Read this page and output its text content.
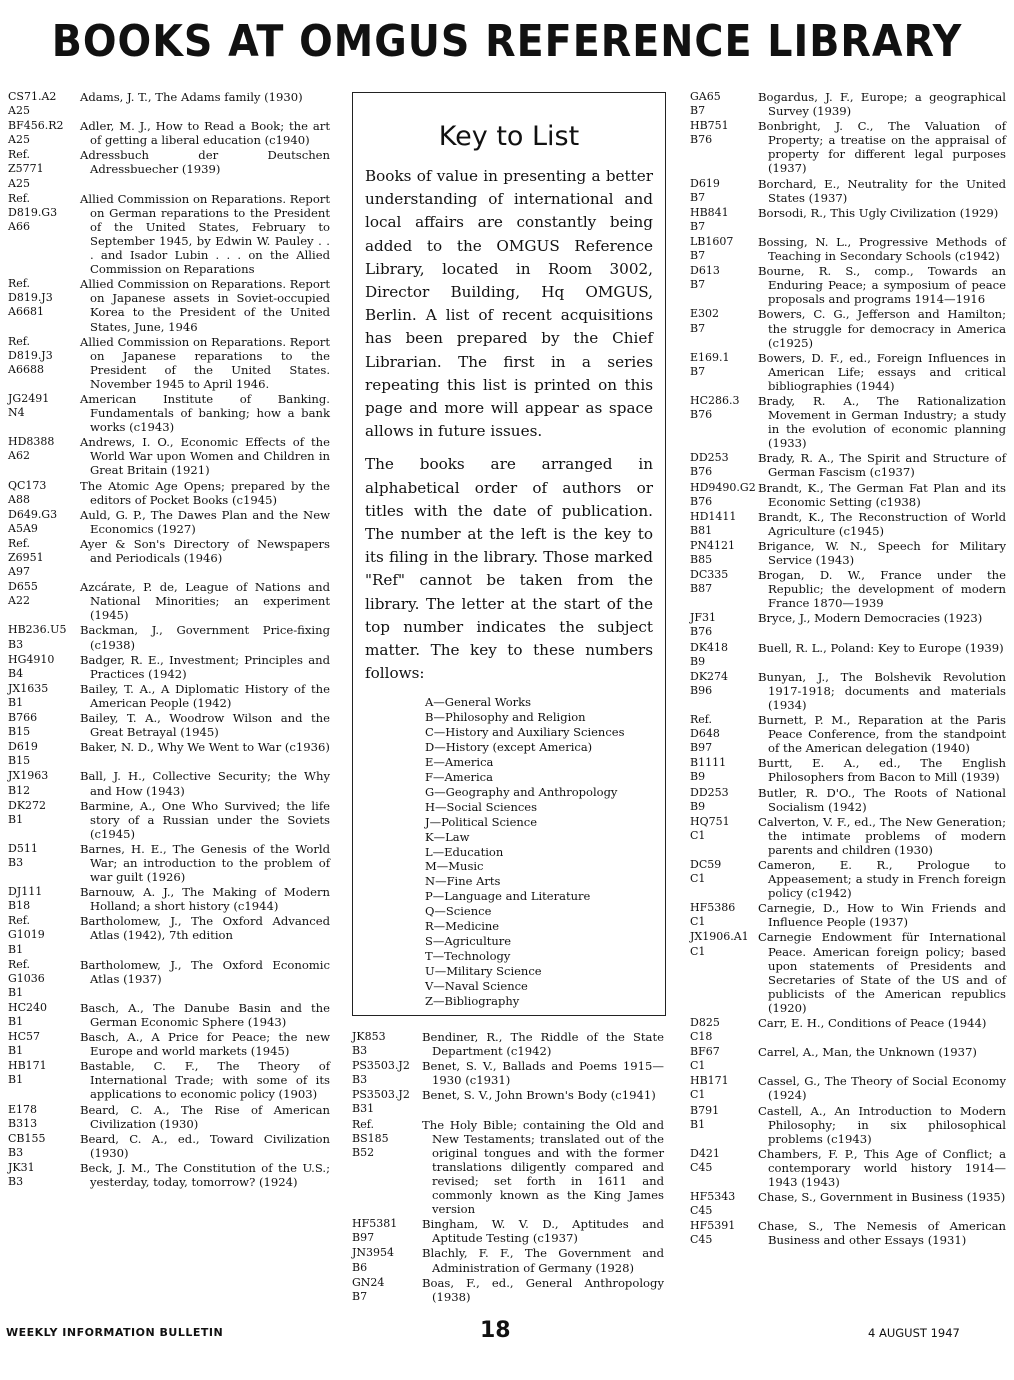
BOOKS AT OMGUS REFERENCE LIBRARY
CS71.A2
A25
Adams, J. T., The Adams family (1930)
BF456.R2
A25
Adler, M. J., How to Read a Book; the art of getting a liberal education (c1940)
Ref.
Z5771
A25
Adressbuch der Deutschen Adressbuecher (1939)
Ref.
D819.G3
A66
Allied Commission on Reparations. Report on German reparations to the President of the United States, February to September 1945, by Edwin W. Pauley . . . and Isador Lubin . . . on the Allied Commission on Reparations
Ref.
D819.J3
A6681
Allied Commission on Reparations. Report on Japanese assets in Soviet-occupied Korea to the President of the United States, June, 1946
Ref.
D819.J3
A6688
Allied Commission on Reparations. Report on Japanese reparations to the President of the United States. November 1945 to April 1946.
JG2491
N4
American Institute of Banking. Fundamentals of banking; how a bank works (c1943)
HD8388
A62
Andrews, I. O., Economic Effects of the World War upon Women and Children in Great Britain (1921)
QC173
A88
The Atomic Age Opens; prepared by the editors of Pocket Books (c1945)
D649.G3
A5A9
Auld, G. P., The Dawes Plan and the New Economics (1927)
Ref.
Z6951
A97
Ayer & Son's Directory of Newspapers and Periodicals (1946)
D655
A22
Azcárate, P. de, League of Nations and National Minorities; an experiment (1945)
HB236.U5
B3
Backman, J., Government Price-fixing (c1938)
HG4910
B4
Badger, R. E., Investment; Principles and Practices (1942)
JX1635
B1
Bailey, T. A., A Diplomatic History of the American People (1942)
B766
B15
Bailey, T. A., Woodrow Wilson and the Great Betrayal (1945)
D619
B15
Baker, N. D., Why We Went to War (c1936)
JX1963
B12
Ball, J. H., Collective Security; the Why and How (1943)
DK272
B1
Barmine, A., One Who Survived; the life story of a Russian under the Soviets (c1945)
D511
B3
Barnes, H. E., The Genesis of the World War; an introduction to the problem of war guilt (1926)
DJ111
B18
Barnouw, A. J., The Making of Modern Holland; a short history (c1944)
Ref.
G1019
B1
Bartholomew, J., The Oxford Advanced Atlas (1942), 7th edition
Ref.
G1036
B1
Bartholomew, J., The Oxford Economic Atlas (1937)
HC240
B1
Basch, A., The Danube Basin and the German Economic Sphere (1943)
HC57
B1
Basch, A., A Price for Peace; the new Europe and world markets (1945)
HB171
B1
Bastable, C. F., The Theory of International Trade; with some of its applications to economic policy (1903)
E178
B313
Beard, C. A., The Rise of American Civilization (1930)
CB155
B3
Beard, C. A., ed., Toward Civilization (1930)
JK31
B3
Beck, J. M., The Constitution of the U.S.; yesterday, today, tomorrow? (1924)
Key to List

Books of value in presenting a better understanding of international and local affairs are constantly being added to the OMGUS Reference Library, located in Room 3002, Director Building, Hq OMGUS, Berlin. A list of recent acquisitions has been prepared by the Chief Librarian. The first in a series repeating this list is printed on this page and more will appear as space allows in future issues.

The books are arranged in alphabetical order of authors or titles with the date of publication. The number at the left is the key to its filing in the library. Those marked "Ref" cannot be taken from the library. The letter at the start of the top number indicates the subject matter. The key to these numbers follows:

A—General Works
B—Philosophy and Religion
C—History and Auxiliary Sciences
D—History (except America)
E—America
F—America
G—Geography and Anthropology
H—Social Sciences
J—Political Science
K—Law
L—Education
M—Music
N—Fine Arts
P—Language and Literature
Q—Science
R—Medicine
S—Agriculture
T—Technology
U—Military Science
V—Naval Science
Z—Bibliography
JK853
B3
Bendiner, R., The Riddle of the State Department (c1942)
PS3503.J2
B3
Benet, S. V., Ballads and Poems 1915—1930 (c1931)
PS3503.J2
B31
Benet, S. V., John Brown's Body (c1941)
Ref.
BS185
B52
The Holy Bible; containing the Old and New Testaments; translated out of the original tongues and with the former translations diligently compared and revised; set forth in 1611 and commonly known as the King James version
HF5381
B97
Bingham, W. V. D., Aptitudes and Aptitude Testing (c1937)
JN3954
B6
Blachly, F. F., The Government and Administration of Germany (1928)
GN24
B7
Boas, F., ed., General Anthropology (1938)
GA65
B7
Bogardus, J. F., Europe; a geographical Survey (1939)
HB751
B76
Bonbright, J. C., The Valuation of Property; a treatise on the appraisal of property for different legal purposes (1937)
D619
B7
Borchard, E., Neutrality for the United States (1937)
HB841
B7
Borsodi, R., This Ugly Civilization (1929)
LB1607
B7
Bossing, N. L., Progressive Methods of Teaching in Secondary Schools (c1942)
D613
B7
Bourne, R. S., comp., Towards an Enduring Peace; a symposium of peace proposals and programs 1914—1916
E302
B7
Bowers, C. G., Jefferson and Hamilton; the struggle for democracy in America (c1925)
E169.1
B7
Bowers, D. F., ed., Foreign Influences in American Life; essays and critical bibliographies (1944)
HC286.3
B76
Brady, R. A., The Rationalization Movement in German Industry; a study in the evolution of economic planning (1933)
DD253
B76
Brady, R. A., The Spirit and Structure of German Fascism (c1937)
HD9490.G2
B76
Brandt, K., The German Fat Plan and its Economic Setting (c1938)
HD1411
B81
Brandt, K., The Reconstruction of World Agriculture (c1945)
PN4121
B85
Brigance, W. N., Speech for Military Service (1943)
DC335
B87
Brogan, D. W., France under the Republic; the development of modern France 1870—1939
JF31
B76
Bryce, J., Modern Democracies (1923)
DK418
B9
Buell, R. L., Poland: Key to Europe (1939)
DK274
B96
Bunyan, J., The Bolshevik Revolution 1917-1918; documents and materials (1934)
Ref.
D648
B97
Burnett, P. M., Reparation at the Paris Peace Conference, from the standpoint of the American delegation (1940)
B1111
B9
Burtt, E. A., ed., The English Philosophers from Bacon to Mill (1939)
DD253
B9
Butler, R. D'O., The Roots of National Socialism (1942)
HQ751
C1
Calverton, V. F., ed., The New Generation; the intimate problems of modern parents and children (1930)
DC59
C1
Cameron, E. R., Prologue to Appeasement; a study in French foreign policy (c1942)
HF5386
C1
Carnegie, D., How to Win Friends and Influence People (1937)
JX1906.A1
C1
Carnegie Endowment für International Peace. American foreign policy; based upon statements of Presidents and Secretaries of State of the US and of publicists of the American republics (1920)
D825
C18
Carr, E. H., Conditions of Peace (1944)
BF67
C1
Carrel, A., Man, the Unknown (1937)
HB171
C1
Cassel, G., The Theory of Social Economy (1924)
B791
B1
Castell, A., An Introduction to Modern Philosophy; in six philosophical problems (c1943)
D421
C45
Chambers, F. P., This Age of Conflict; a contemporary world history 1914—1943 (1943)
HF5343
C45
Chase, S., Government in Business (1935)
HF5391
C45
Chase, S., The Nemesis of American Business and other Essays (1931)
WEEKLY INFORMATION BULLETIN	18	4 AUGUST 1947
